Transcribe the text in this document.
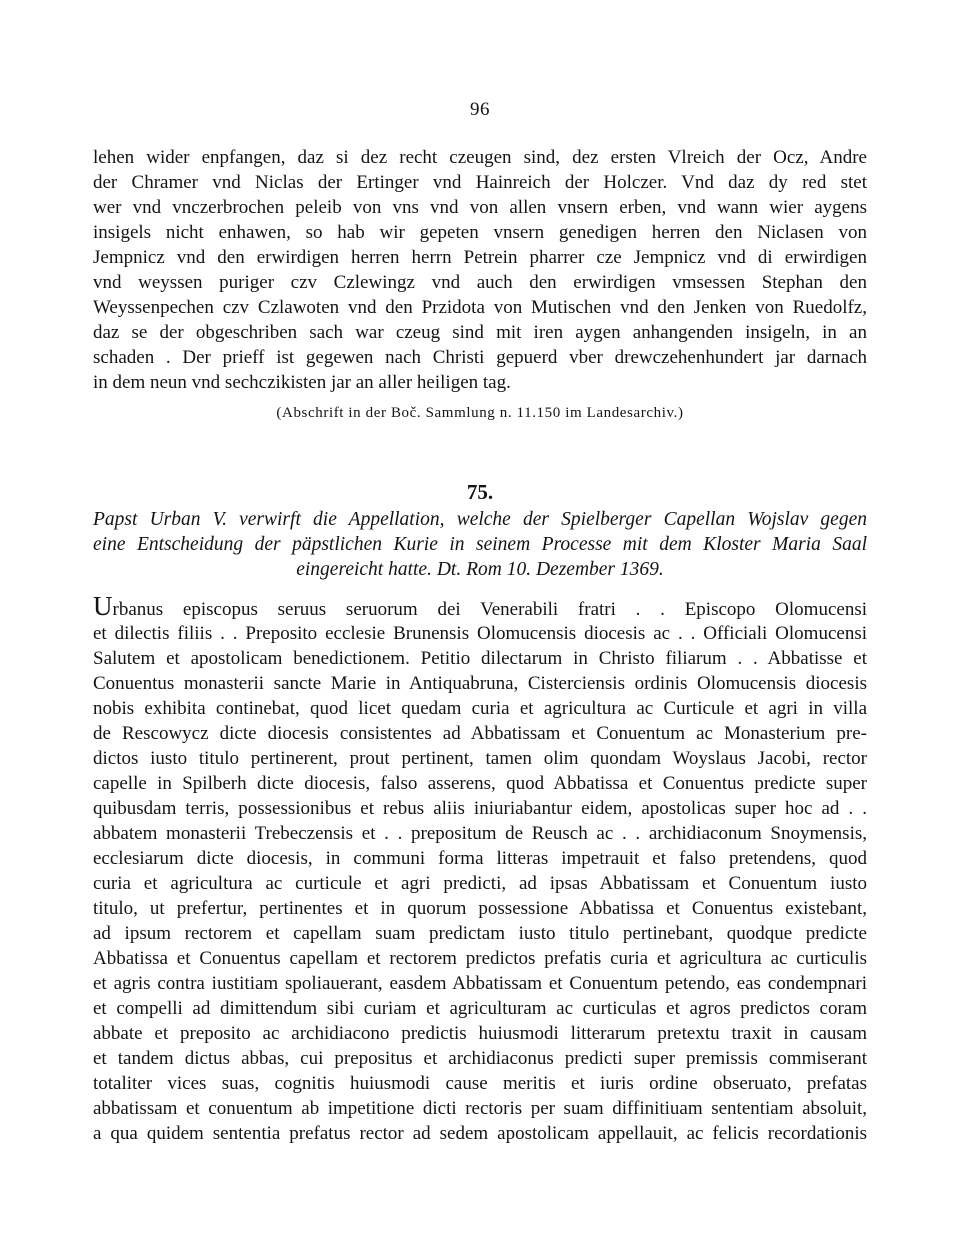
96
lehen wider enpfangen, daz si dez recht czeugen sind, dez ersten Vlreich der Ocz, Andre
der Chramer vnd Niclas der Ertinger vnd Hainreich der Holczer. Vnd daz dy red stet
wer vnd vnczerbrochen peleib von vns vnd von allen vnsern erben, vnd wann wier aygens
insigels nicht enhawen, so hab wir gepeten vnsern genedigen herren den Niclasen von
Jempnicz vnd den erwirdigen herren herrn Petrein pharrer cze Jempnicz vnd di erwirdigen
vnd weyssen puriger czv Czlewingz vnd auch den erwirdigen vmsessen Stephan den
Weyssenpechen czv Czlawoten vnd den Przidota von Mutischen vnd den Jenken von Ruedolfz,
daz se der obgeschriben sach war czeug sind mit iren aygen anhangenden insigeln, in an
schaden . Der prieff ist gegewen nach Christi gepuerd vber drewczehenhundert jar darnach
in dem neun vnd sechczikisten jar an aller heiligen tag.
(Abschrift in der Boč. Sammlung n. 11.150 im Landesarchiv.)
75.
Papst Urban V. verwirft die Appellation, welche der Spielberger Capellan Wojslav gegen
eine Entscheidung der päpstlichen Kurie in seinem Processe mit dem Kloster Maria Saal
eingereicht hatte. Dt. Rom 10. Dezember 1369.
Urbanus episcopus seruus seruorum dei Venerabili fratri . . Episcopo Olomucensi
et dilectis filiis . . Preposito ecclesie Brunensis Olomucensis diocesis ac . . Officiali Olomucensi
Salutem et apostolicam benedictionem. Petitio dilectarum in Christo filiarum . . Abbatisse et
Conuentus monasterii sancte Marie in Antiquabruna, Cisterciensis ordinis Olomucensis diocesis
nobis exhibita continebat, quod licet quedam curia et agricultura ac Curticule et agri in villa
de Rescowycz dicte diocesis consistentes ad Abbatissam et Conuentum ac Monasterium pre-
dictos iusto titulo pertinerent, prout pertinent, tamen olim quondam Woyslaus Jacobi, rector
capelle in Spilberh dicte diocesis, falso asserens, quod Abbatissa et Conuentus predicte super
quibusdam terris, possessionibus et rebus aliis iniuriabantur eidem, apostolicas super hoc ad . .
abbatem monasterii Trebeczensis et . . prepositum de Reusch ac . . archidiaconum Snoymensis,
ecclesiarum dicte diocesis, in communi forma litteras impetrauit et falso pretendens, quod
curia et agricultura ac curticule et agri predicti, ad ipsas Abbatissam et Conuentum iusto
titulo, ut prefertur, pertinentes et in quorum possessione Abbatissa et Conuentus existebant,
ad ipsum rectorem et capellam suam predictam iusto titulo pertinebant, quodque predicte
Abbatissa et Conuentus capellam et rectorem predictos prefatis curia et agricultura ac curticulis
et agris contra iustitiam spoliauerant, easdem Abbatissam et Conuentum petendo, eas condempnari
et compelli ad dimittendum sibi curiam et agriculturam ac curticulas et agros predictos coram
abbate et preposito ac archidiacono predictis huiusmodi litterarum pretextu traxit in causam
et tandem dictus abbas, cui prepositus et archidiaconus predicti super premissis commiserant
totaliter vices suas, cognitis huiusmodi cause meritis et iuris ordine obseruato, prefatas
abbatissam et conuentum ab impetitione dicti rectoris per suam diffinitiuam sententiam absoluit,
a qua quidem sententia prefatus rector ad sedem apostolicam appellauit, ac felicis recordationis
